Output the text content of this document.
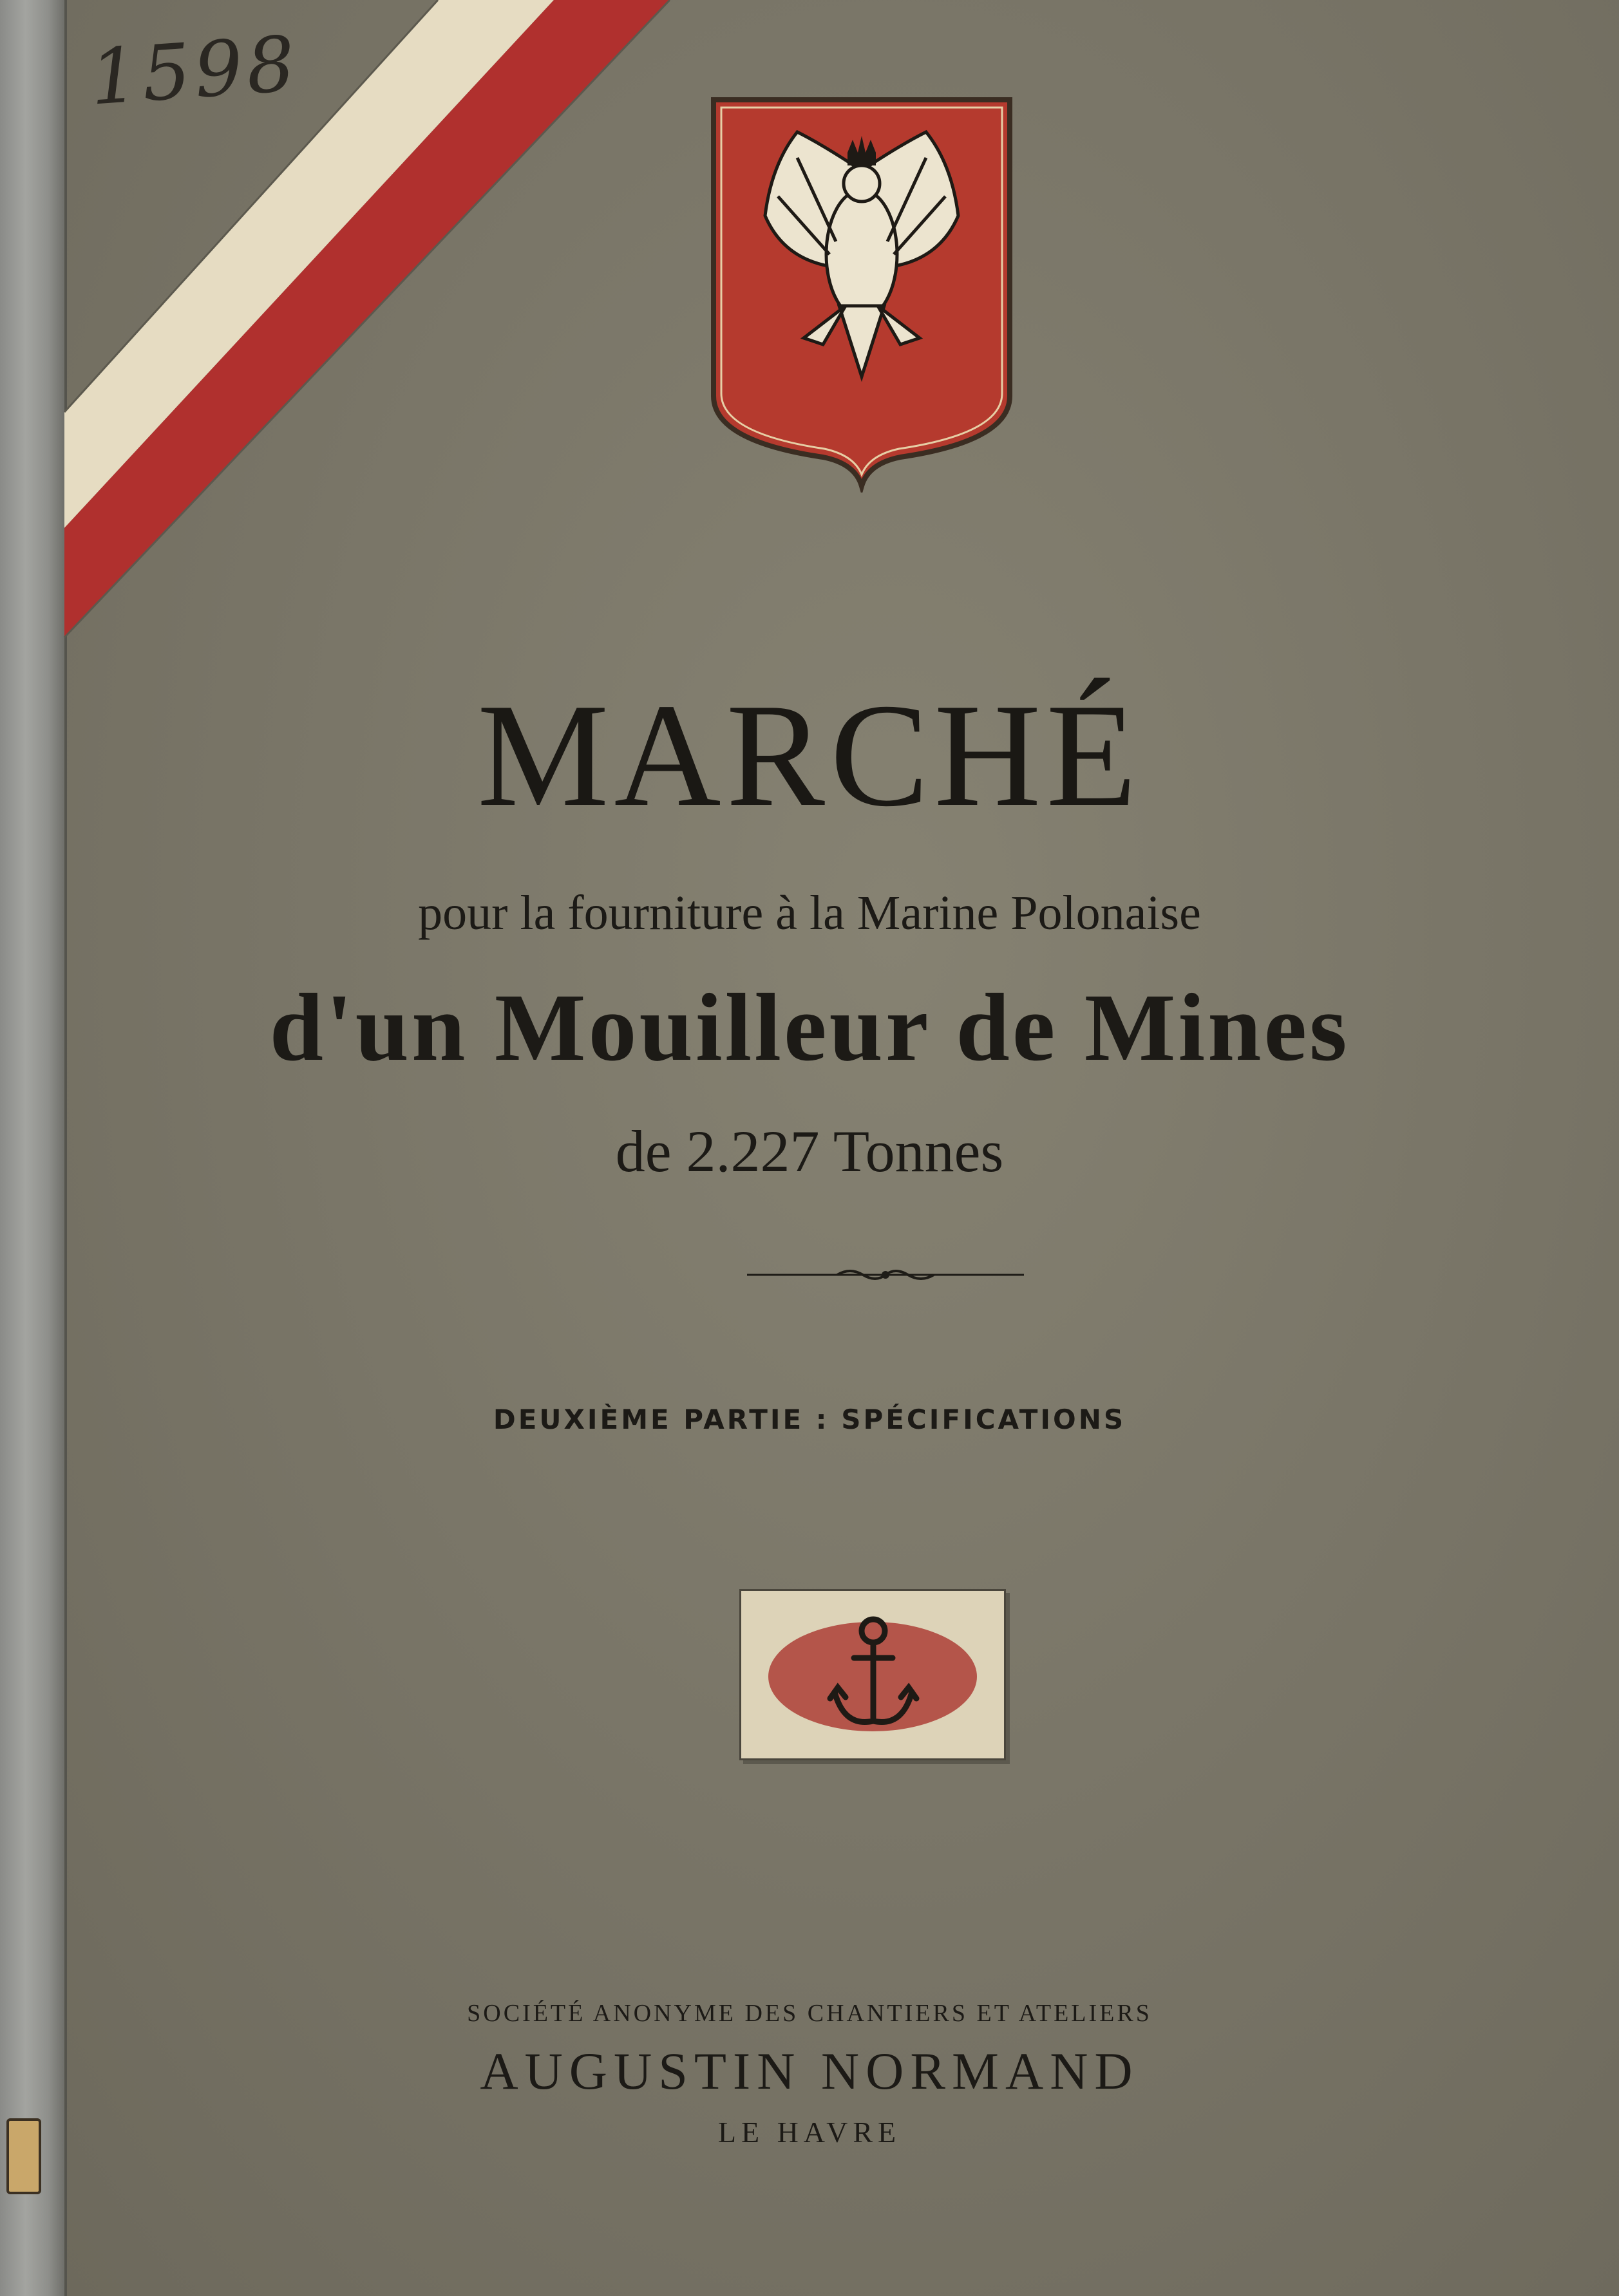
1598
MARCHÉ
pour la fourniture à la Marine Polonaise
d'un Mouilleur de Mines
de 2.227 Tonnes
DEUXIÈME PARTIE : SPÉCIFICATIONS
SOCIÉTÉ ANONYME DES CHANTIERS ET ATELIERS
AUGUSTIN NORMAND
LE HAVRE
